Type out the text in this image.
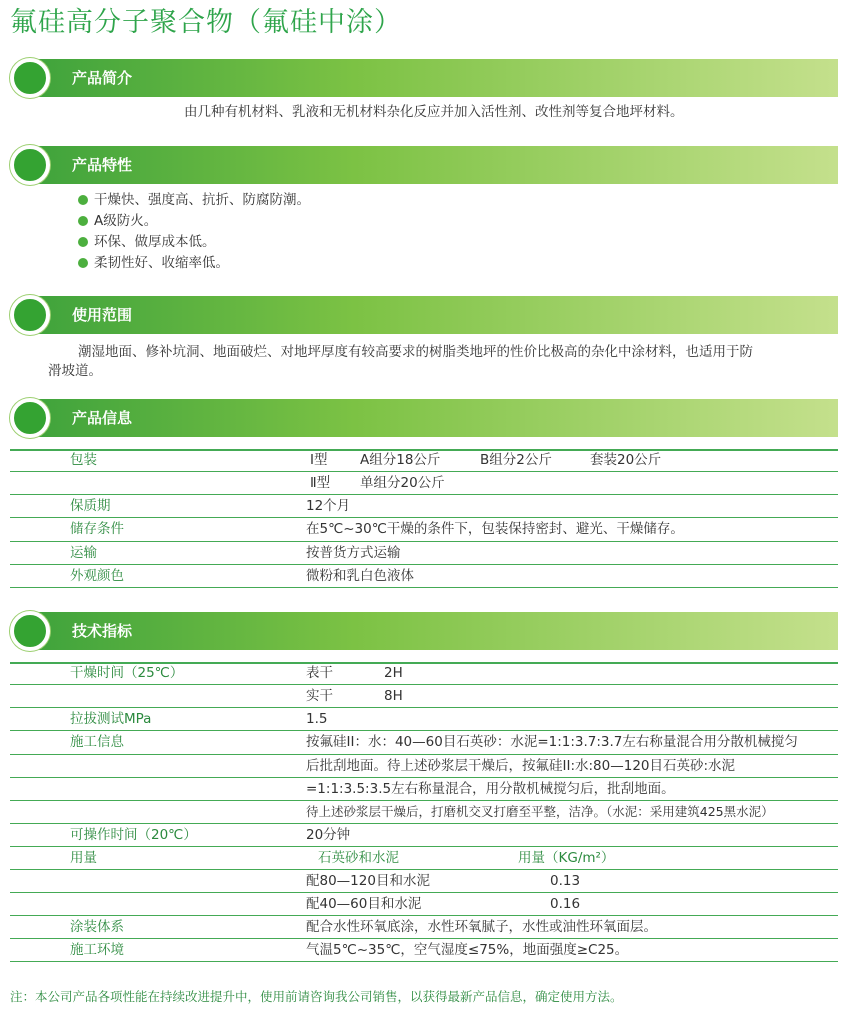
氟硅高分子聚合物（氟硅中涂）
产品简介
由几种有机材料、乳液和无机材料杂化反应并加入活性剂、改性剂等复合地坪材料。
产品特性
干燥快、强度高、抗折、防腐防潮。
A级防火。
环保、做厚成本低。
柔韧性好、收缩率低。
使用范围
潮湿地面、修补坑洞、地面破烂、对地坪厚度有较高要求的树脂类地坪的性价比极高的杂化中涂材料，也适用于防
滑坡道。
产品信息
包装	Ⅰ型 A组分18公斤	B组分2公斤	套装20公斤
Ⅱ型 单组分20公斤
保质期	12个月
储存条件	在5℃~30℃干燥的条件下，包装保持密封、避光、干燥储存。
运输	按普货方式运输
外观颜色	微粉和乳白色液体
技术指标
干燥时间（25℃）	表干	2H
实干	8H
拉拔测试MPa	1.5
施工信息	按氟硅II：水：40—60目石英砂：水泥=1:1:3.7:3.7左右称量混合用分散机械搅匀
后批刮地面。待上述砂浆层干燥后，按氟硅II:水:80—120目石英砂:水泥
=1:1:3.5:3.5左右称量混合，用分散机械搅匀后，批刮地面。
待上述砂浆层干燥后，打磨机交叉打磨至平整，洁净。（水泥：采用建筑425黑水泥）
可操作时间（20℃）	20分钟
用量	石英砂和水泥	用量（KG/m²）
配80—120目和水泥	0.13
配40—60目和水泥	0.16
涂装体系	配合水性环氧底涂，水性环氧腻子，水性或油性环氧面层。
施工环境	气温5℃~35℃，空气湿度≤75%，地面强度≥C25。
注：本公司产品各项性能在持续改进提升中，使用前请咨询我公司销售，以获得最新产品信息，确定使用方法。
